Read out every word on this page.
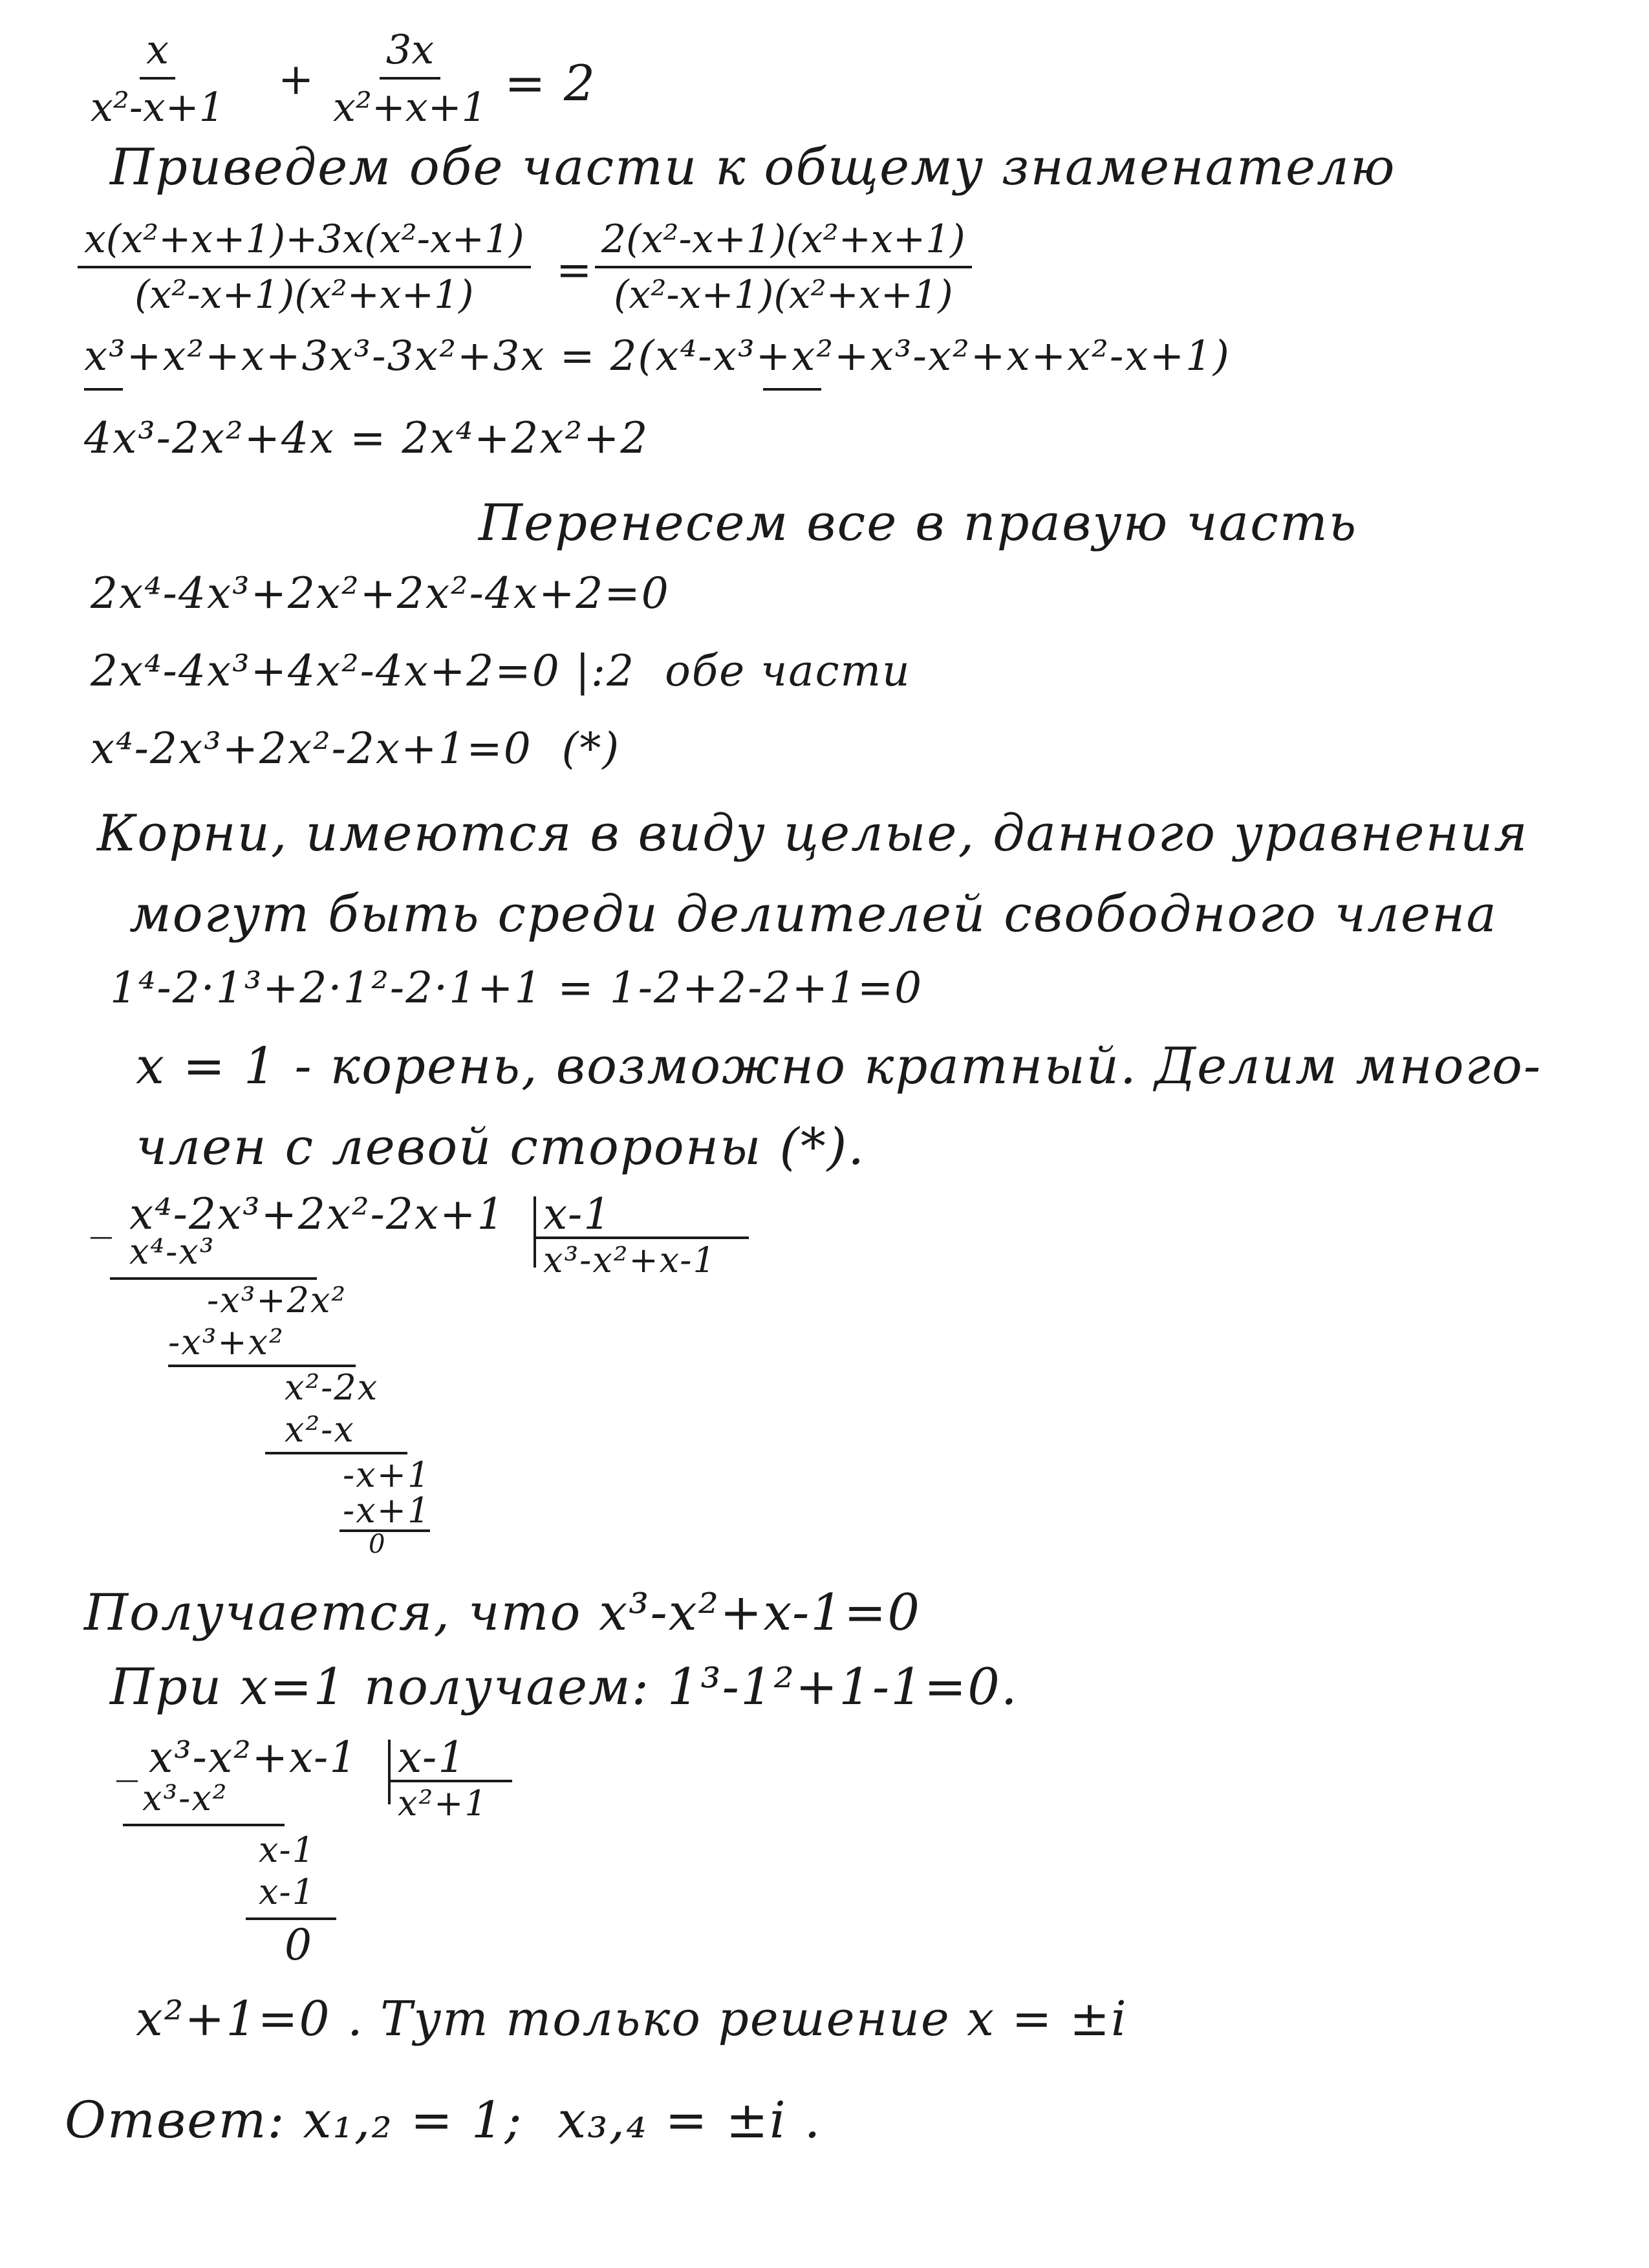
$\frac{x}{\text{x²-x+1}} + \frac{3x}{\text{x²+x+1}} = 2$
Приведем обе части к общему знаменателю
$\frac{\text{x(x²+x+1)+3x(x²-x+1)}}{\text{(x²-x+1)(x²+x+1)}} = \frac{\text{2(x²-x+1)(x²+x+1)}}{\text{(x²-x+1)(x²+x+1)}}$
x³+x²+x+3x³-3x²+3x = 2(x⁴-x³+x²+x³-x²+x+x²-x+1)
4x³-2x²+4x = 2x⁴+2x²+2
Перенесем все в правую часть
2x⁴-4x³+2x²+2x²-4x+2=0
2x⁴-4x³+4x²-4x+2=0 |:2  обе части
x⁴-2x³+2x²-2x+1=0  (*)
Корни, имеются в виду целые, данного уравнения
могут быть среди делителей свободного члена
1⁴-2·1³+2·1²-2·1+1 = 1-2+2-2+1=0
x = 1 - корень, возможно кратный. Делим много-
член с левой стороны (*).
_ x⁴-2x³+2x²-2x+1 x-1
x³-x²+x-1
x⁴-x³
-x³+2x²
-x³+x²
x²-2x
x²-x
-x+1
-x+1
0
Получается, что x³-x²+x-1=0
При x=1 получаем: 1³-1²+1-1=0.
_ x³-x²+x-1 x-1
x²+1
x³-x²
x-1
x-1
0
x²+1=0 . Тут только решение x = ±i
Ответ: x₁,₂ = 1;  x₃,₄ = ±i .
